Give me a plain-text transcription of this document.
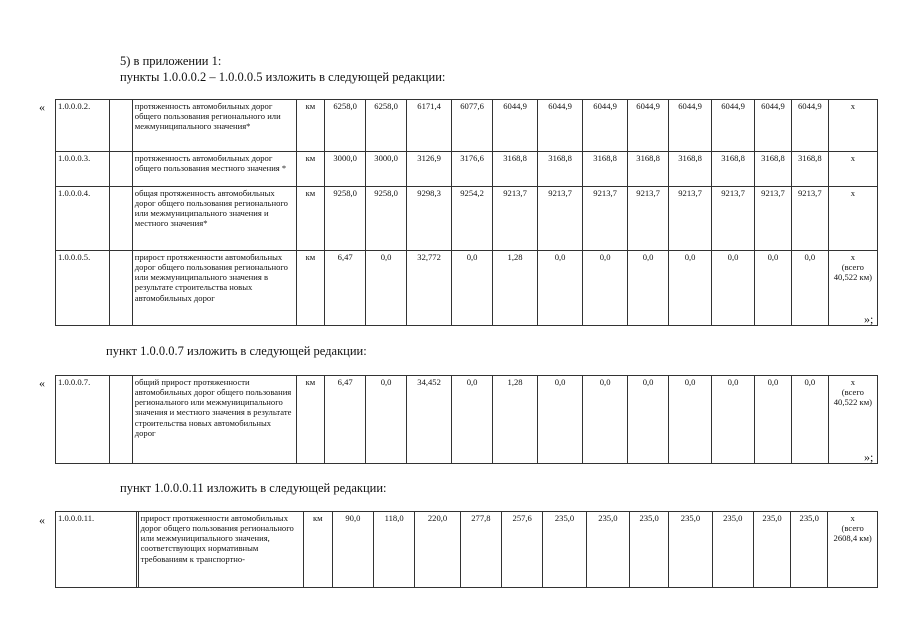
5) в приложении 1:
пункты 1.0.0.0.2 – 1.0.0.0.5 изложить в следующей редакции:
« 1.0.0.0.2.		протяженность автомобильных дорог общего пользования регионального или межмуниципального значения*	км	6258,0	6258,0	6171,4	6077,6	6044,9	6044,9	6044,9	6044,9	6044,9	6044,9	6044,9	6044,9	х

1.0.0.0.3.		протяженность автомобильных дорог общего пользования местного значения *	км	3000,0	3000,0	3126,9	3176,6	3168,8	3168,8	3168,8	3168,8	3168,8	3168,8	3168,8	3168,8	х

1.0.0.0.4.		общая протяженность автомобильных дорог общего пользования регионального или межмуниципального значения и местного значения*	км	9258,0	9258,0	9298,3	9254,2	9213,7	9213,7	9213,7	9213,7	9213,7	9213,7	9213,7	9213,7	х

1.0.0.0.5.		прирост протяженности автомобильных дорог общего пользования регионального или межмуниципального значения в результате строительства новых автомобильных дорог	км	6,47	0,0	32,772	0,0	1,28	0,0	0,0	0,0	0,0	0,0	0,0	0,0	х
(всего 40,522 км)
»;
пункт 1.0.0.0.7 изложить в следующей редакции:
« 1.0.0.0.7.		общий прирост протяженности автомобильных дорог общего пользования регионального или межмуниципального значения и местного значения в результате строительства новых автомобильных дорог	км	6,47	0,0	34,452	0,0	1,28	0,0	0,0	0,0	0,0	0,0	0,0	0,0	х
(всего 40,522 км)
»;
пункт 1.0.0.0.11 изложить в следующей редакции:
« 1.0.0.0.11.		прирост протяженности автомобильных дорог общего пользования регионального или межмуниципального значения, соответствующих нормативным требованиям к транспортно-	км	90,0	118,0	220,0	277,8	257,6	235,0	235,0	235,0	235,0	235,0	235,0	235,0	х
(всего 2608,4 км)
